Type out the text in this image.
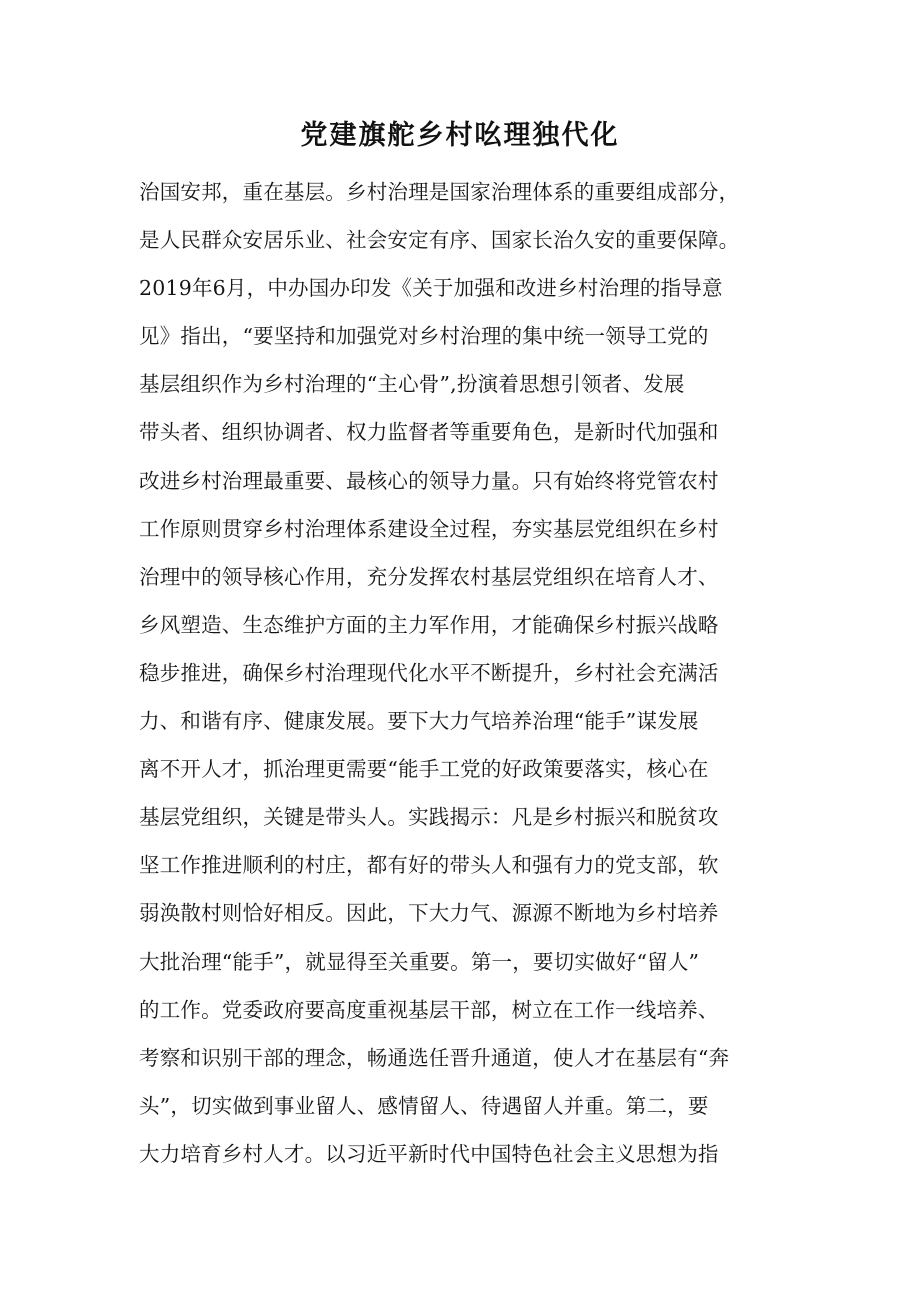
党建旗舵乡村吆理独代化
治国安邦，重在基层。乡村治理是国家治理体系的重要组成部分，
是人民群众安居乐业、社会安定有序、国家长治久安的重要保障。
2019年6月，中办国办印发《关于加强和改进乡村治理的指导意
见》指出，“要坚持和加强党对乡村治理的集中统一领导工党的
基层组织作为乡村治理的“主心骨”,扮演着思想引领者、发展
带头者、组织协调者、权力监督者等重要角色，是新时代加强和
改进乡村治理最重要、最核心的领导力量。只有始终将党管农村
工作原则贯穿乡村治理体系建设全过程，夯实基层党组织在乡村
治理中的领导核心作用，充分发挥农村基层党组织在培育人才、
乡风塑造、生态维护方面的主力军作用，才能确保乡村振兴战略
稳步推进，确保乡村治理现代化水平不断提升，乡村社会充满活
力、和谐有序、健康发展。要下大力气培养治理“能手”谋发展
离不开人才，抓治理更需要“能手工党的好政策要落实，核心在
基层党组织，关键是带头人。实践揭示：凡是乡村振兴和脱贫攻
坚工作推进顺利的村庄，都有好的带头人和强有力的党支部，软
弱涣散村则恰好相反。因此，下大力气、源源不断地为乡村培养
大批治理“能手”，就显得至关重要。第一，要切实做好“留人”
的工作。党委政府要高度重视基层干部，树立在工作一线培养、
考察和识别干部的理念，畅通选任晋升通道，使人才在基层有“奔
头”，切实做到事业留人、感情留人、待遇留人并重。第二，要
大力培育乡村人才。以习近平新时代中国特色社会主义思想为指
